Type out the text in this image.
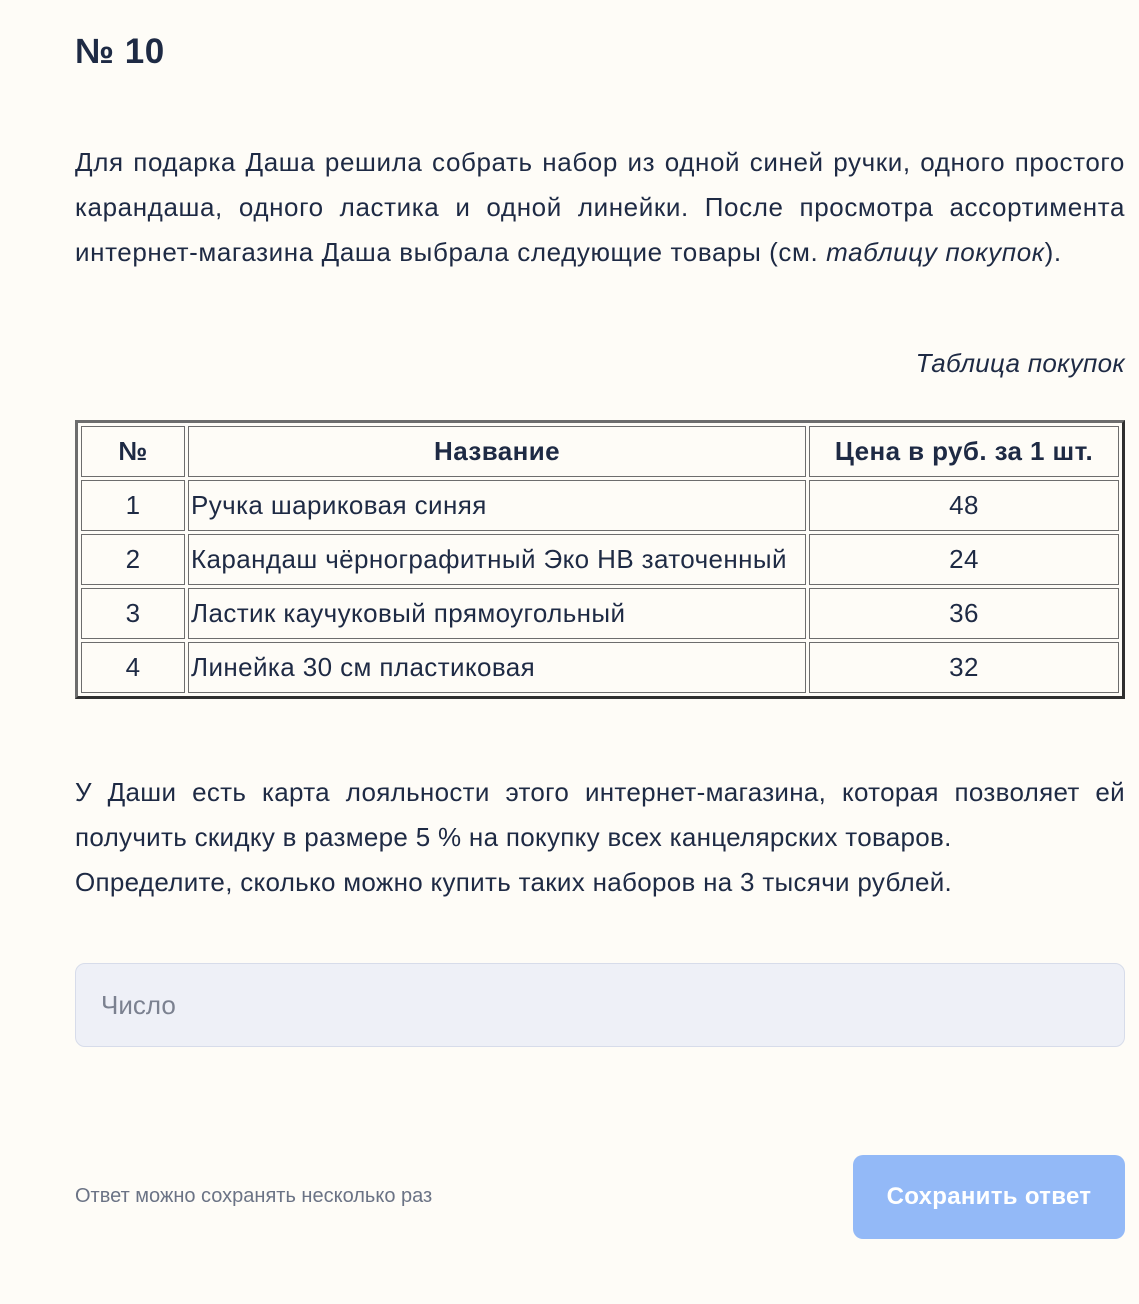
№ 10

Для подарка Даша решила собрать набор из одной синей ручки, одного простого карандаша, одного ластика и одной линейки. После просмотра ассортимента интернет-магазина Даша выбрала следующие товары (см. таблицу покупок).

Таблица покупок

№	Название	Цена в руб. за 1 шт.
1	Ручка шариковая синяя	48
2	Карандаш чёрнографитный Эко НВ заточенный	24
3	Ластик каучуковый прямоугольный	36
4	Линейка 30 см пластиковая	32

У Даши есть карта лояльности этого интернет-магазина, которая позволяет ей получить скидку в размере 5 % на покупку всех канцелярских товаров.
Определите, сколько можно купить таких наборов на 3 тысячи рублей.

Число

Ответ можно сохранять несколько раз	Сохранить ответ
